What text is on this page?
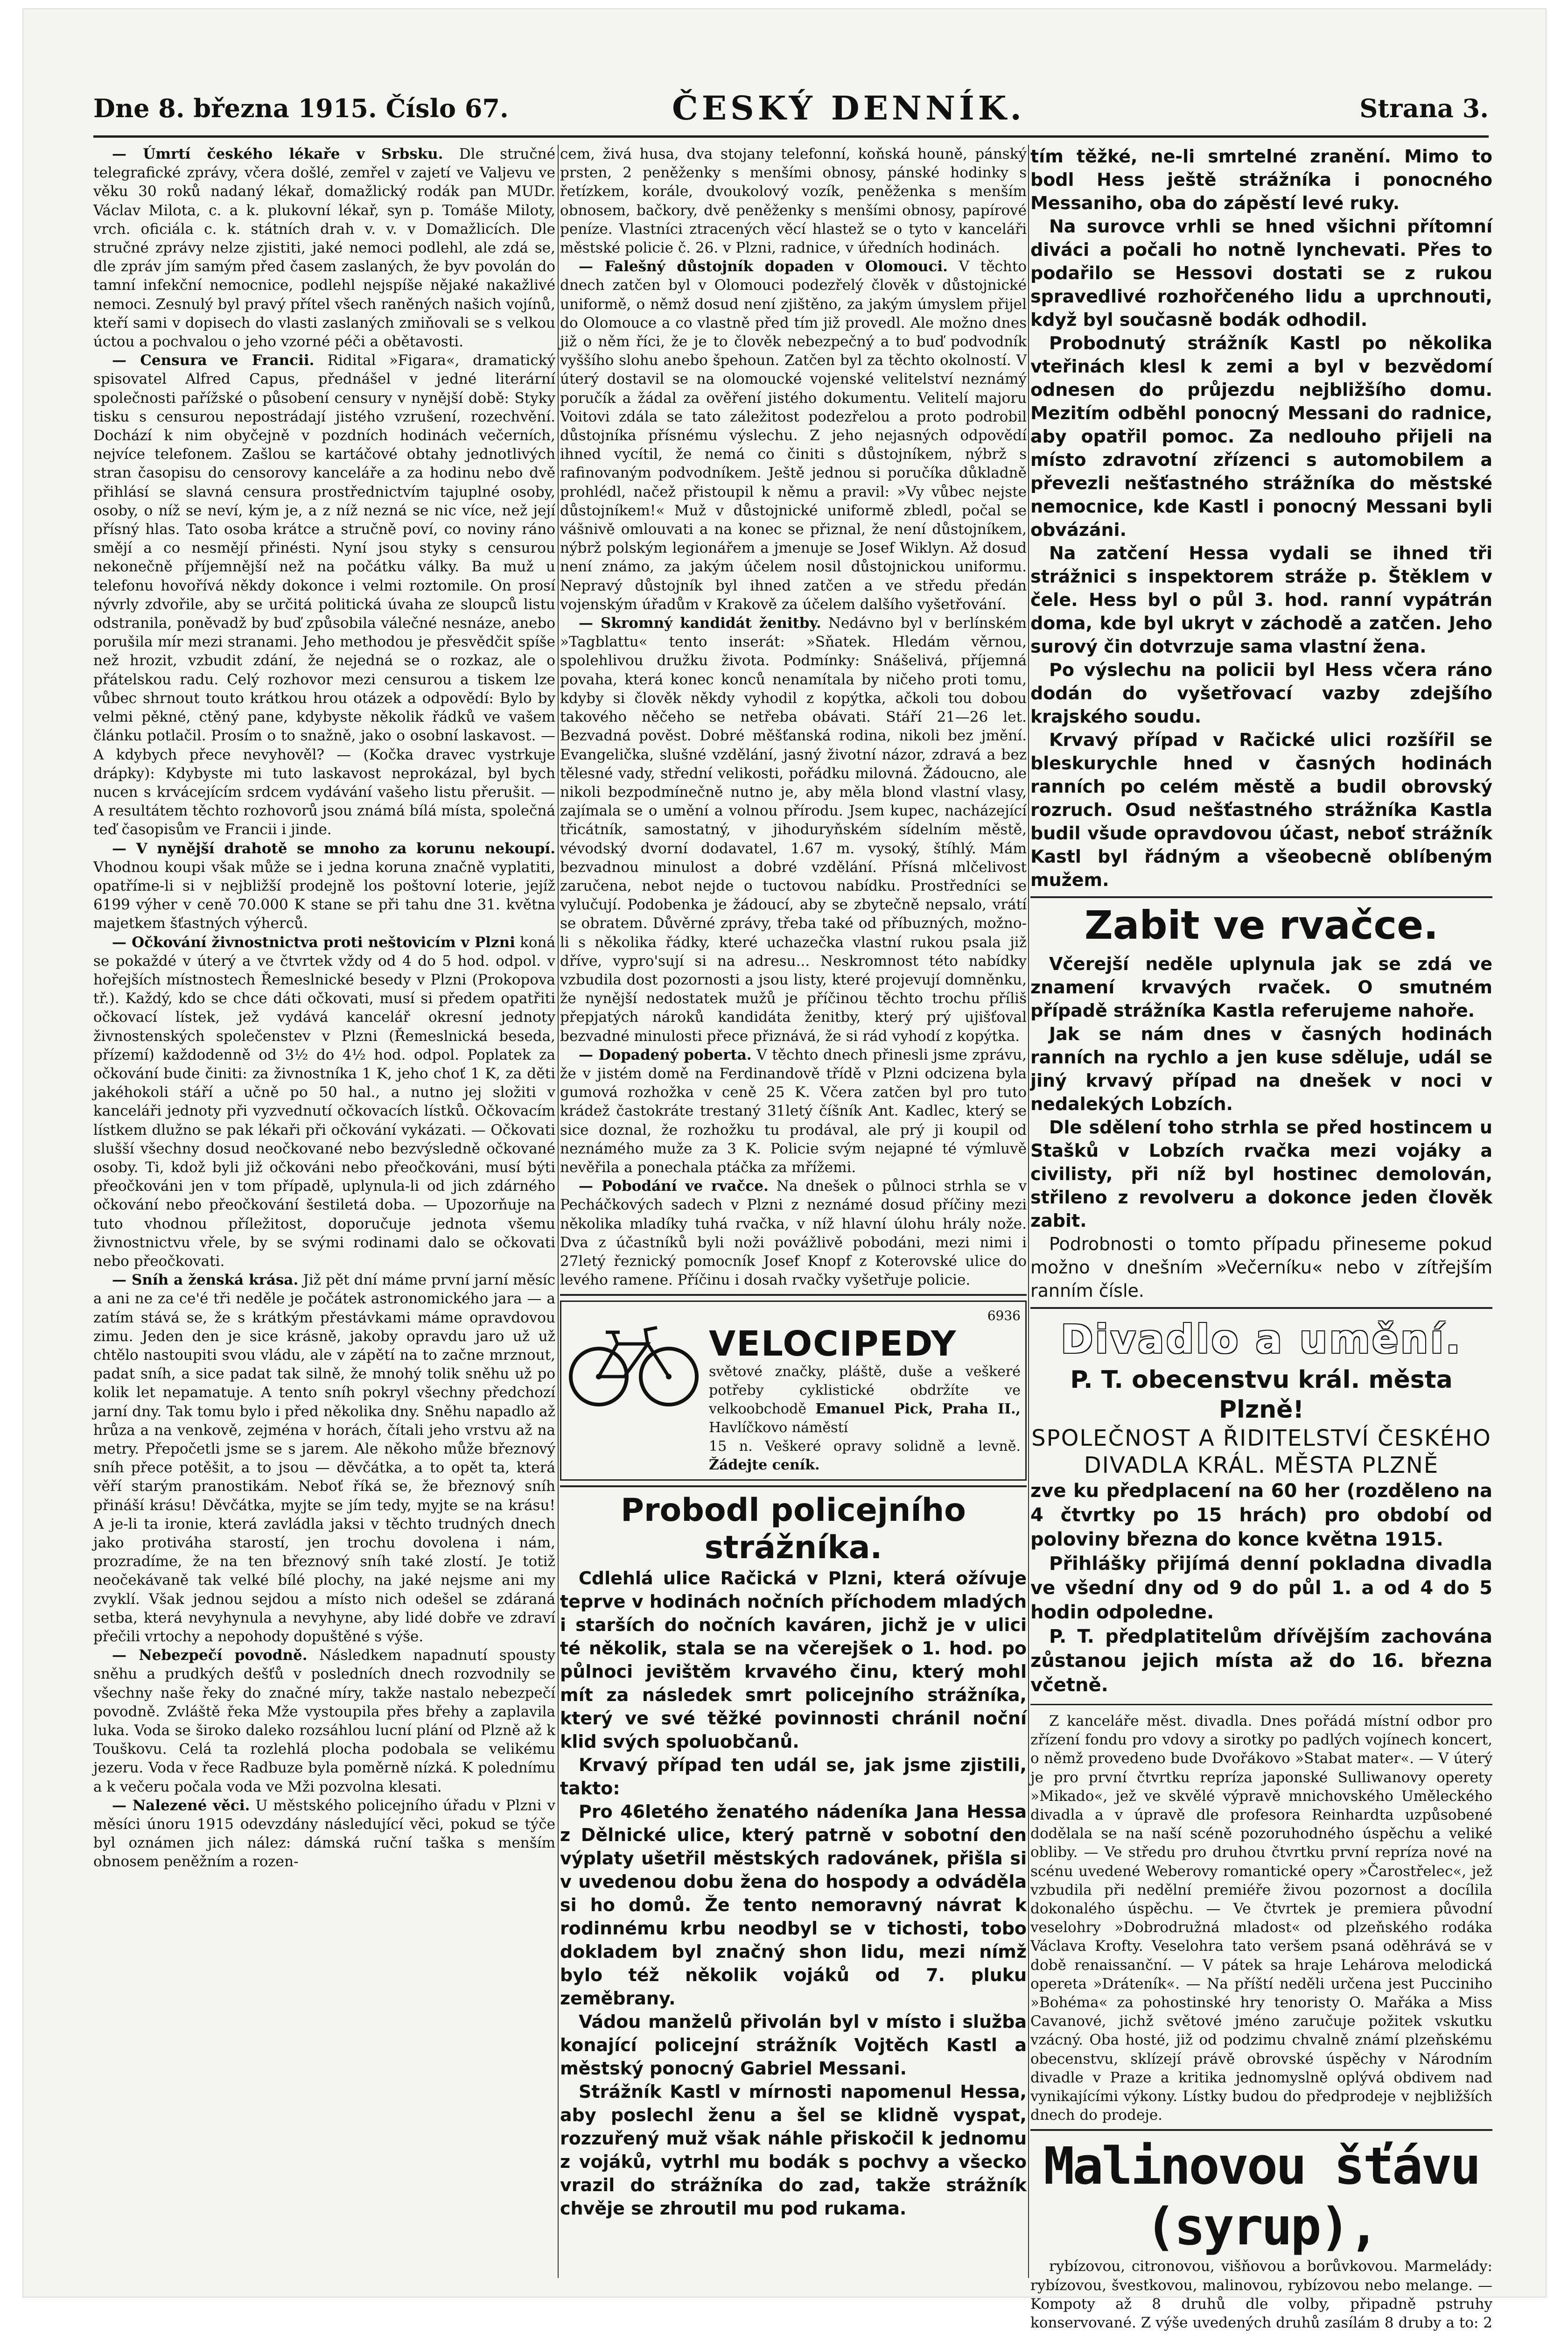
Dne 8. března 1915. Číslo 67.	ČESKÝ DENNÍK.	Strana 3.

— Úmrtí českého lékaře v Srbsku. Dle stručné telegrafické zprávy, včera došlé, zemřel v zajetí ve Valjevu ve věku 30 roků nadaný lékař, domažlický rodák pan MUDr. Václav Milota, c. a k. plukovní lékař, syn p. Tomáše Miloty, vrch. oficiála c. k. státních drah v. v. v Domažlicích. Dle stručné zprávy nelze zjistiti, jaké nemoci podlehl, ale zdá se, dle zpráv jím samým před časem zaslaných, že byv povolán do tamní infekční nemocnice, podlehl nejspíše nějaké nakažlivé nemoci. Zesnulý byl pravý přítel všech raněných našich vojínů, kteří sami v dopisech do vlasti zaslaných zmiňovali se s velkou úctou a pochvalou o jeho vzorné péči a obětavosti.

— Censura ve Francii. Ridital »Figara«, dramatický spisovatel Alfred Capus, přednášel v jedné literární společnosti pařížské o působení censury v nynější době: Styky tisku s censurou nepostrádají jistého vzrušení, rozechvění. Dochází k nim obyčejně v pozdních hodinách večerních, nejvíce telefonem. Zašlou se kartáčové obtahy jednotlivých stran časopisu do censorovy kanceláře a za hodinu nebo dvě přihlásí se slavná censura prostřednictvím tajuplné osoby, osoby, o níž se neví, kým je, a z níž nezná se nic více, než její přísný hlas. Tato osoba krátce a stručně poví, co noviny ráno smějí a co nesmějí přinésti. Nyní jsou styky s censurou nekonečně příjemnější než na počátku války. Ba muž u telefonu hovořívá někdy dokonce i velmi roztomile. On prosí nývrly zdvořile, aby se určitá politická úvaha ze sloupců listu odstranila, poněvadž by buď způsobila válečné nesnáze, anebo porušila mír mezi stranami. Jeho methodou je přesvědčit spíše než hrozit, vzbudit zdání, že nejedná se o rozkaz, ale o přátelskou radu. Celý rozhovor mezi censurou a tiskem lze vůbec shrnout touto krátkou hrou otázek a odpovědí: Bylo by velmi pěkné, ctěný pane, kdybyste několik řádků ve vašem článku potlačil. Prosím o to snažně, jako o osobní laskavost. — A kdybych přece nevyhověl? — (Kočka dravec vystrkuje drápky): Kdybyste mi tuto laskavost neprokázal, byl bych nucen s krvácejícím srdcem vydávání vašeho listu přerušit. — A resultátem těchto rozhovorů jsou známá bílá místa, společná teď časopisům ve Francii i jinde.

— V nynější drahotě se mnoho za korunu nekoupí. Vhodnou koupi však může se i jedna koruna značně vyplatiti, opatříme-li si v nejbližší prodejně los poštovní loterie, jejíž 6199 výher v ceně 70.000 K stane se při tahu dne 31. května majetkem šťastných výherců.

— Očkování živnostnictva proti neštovicím v Plzni koná se pokaždé v úterý a ve čtvrtek vždy od 4 do 5 hod. odpol. v hořejších místnostech Řemeslnické besedy v Plzni (Prokopova tř.). Každý, kdo se chce dáti očkovati, musí si předem opatřiti očkovací lístek, jež vydává kancelář okresní jednoty živnostenských společenstev v Plzni (Řemeslnická beseda, přízemí) každodenně od 3½ do 4½ hod. odpol. Poplatek za očkování bude činiti: za živnostníka 1 K, jeho choť 1 K, za děti jakéhokoli stáří a učně po 50 hal., a nutno jej složiti v kanceláři jednoty při vyzvednutí očkovacích lístků. Očkovacím lístkem dlužno se pak lékaři při očkování vykázati. — Očkovati slušší všechny dosud neočkované nebo bezvýsledně očkované osoby. Ti, kdož byli již očkováni nebo přeočkováni, musí býti přeočkováni jen v tom případě, uplynula-li od jich zdárného očkování nebo přeočkování šestiletá doba. — Upozorňuje na tuto vhodnou příležitost, doporučuje jednota všemu živnostnictvu vřele, by se svými rodinami dalo se očkovati nebo přeočkovati.

— Sníh a ženská krása. Již pět dní máme první jarní měsíc a ani ne za ce'é tři neděle je počátek astronomického jara — a zatím stává se, že s krátkým přestávkami máme opravdovou zimu. Jeden den je sice krásně, jakoby opravdu jaro už už chtělo nastoupiti svou vládu, ale v zápětí na to začne mrznout, padat sníh, a sice padat tak silně, že mnohý tolik sněhu už po kolik let nepamatuje. A tento sníh pokryl všechny předchozí jarní dny. Tak tomu bylo i před několika dny. Sněhu napadlo až hrůza a na venkově, zejména v horách, čítali jeho vrstvu až na metry. Přepočetli jsme se s jarem. Ale někoho může březnový sníh přece potěšit, a to jsou — děvčátka, a to opět ta, která věří starým pranostikám. Neboť říká se, že březnový sníh přináší krásu! Děvčátka, myjte se jím tedy, myjte se na krásu! A je-li ta ironie, která zavládla jaksi v těchto trudných dnech jako protiváha starostí, jen trochu dovolena i nám, prozradíme, že na ten březnový sníh také zlostí. Je totiž neočekávaně tak velké bílé plochy, na jaké nejsme ani my zvyklí. Však jednou sejdou a místo nich odešel se zdáraná setba, která nevyhynula a nevyhyne, aby lidé dobře ve zdraví přečili vrtochy a nepohody dopuštěné s výše.

— Nebezpečí povodně. Následkem napadnutí spousty sněhu a prudkých dešťů v posledních dnech rozvodnily se všechny naše řeky do značné míry, takže nastalo nebezpečí povodně. Zvláště řeka Mže vystoupila přes břehy a zaplavila luka. Voda se široko daleko rozsáhlou lucní plání od Plzně až k Touškovu. Celá ta rozlehlá plocha podobala se velikému jezeru. Voda v řece Radbuze byla poměrně nízká. K polednímu a k večeru počala voda ve Mži pozvolna klesati.

— Nalezené věci. U městského policejního úřadu v Plzni v měsíci únoru 1915 odevzdány následující věci, pokud se týče byl oznámen jich nález: dámská ruční taška s menším obnosem peněžním a rozen-

cem, živá husa, dva stojany telefonní, koňská houně, pánský prsten, 2 peněženky s menšími obnosy, pánské hodinky s řetízkem, korále, dvoukolový vozík, peněženka s menším obnosem, bačkory, dvě peněženky s menšími obnosy, papírové peníze. Vlastníci ztracených věcí hlastež se o tyto v kanceláři městské policie č. 26. v Plzni, radnice, v úředních hodinách.

— Falešný důstojník dopaden v Olomouci. V těchto dnech zatčen byl v Olomouci podezřelý člověk v důstojnické uniformě, o němž dosud není zjištěno, za jakým úmyslem přijel do Olomouce a co vlastně před tím již provedl. Ale možno dnes již o něm říci, že je to člověk nebezpečný a to buď podvodník vyššího slohu anebo špehoun. Zatčen byl za těchto okolností. V úterý dostavil se na olomoucké vojenské velitelství neznámý poručík a žádal za ověření jistého dokumentu. Velitelí majoru Voitovi zdála se tato záležitost podezřelou a proto podrobil důstojníka přísnému výslechu. Z jeho nejasných odpovědí ihned vycítil, že nemá co činiti s důstojníkem, nýbrž s rafinovaným podvodníkem. Ještě jednou si poručíka důkladně prohlédl, načež přistoupil k němu a pravil: »Vy vůbec nejste důstojníkem!« Muž v důstojnické uniformě zbledl, počal se vášnivě omlouvati a na konec se přiznal, že není důstojníkem, nýbrž polským legionářem a jmenuje se Josef Wiklyn. Až dosud není známo, za jakým účelem nosil důstojnickou uniformu. Nepravý důstojník byl ihned zatčen a ve středu předán vojenským úřadům v Krakově za účelem dalšího vyšetřování.

— Skromný kandidát ženitby. Nedávno byl v berlínském »Tagblattu« tento inserát: »Sňatek. Hledám věrnou, spolehlivou družku života. Podmínky: Snášelivá, příjemná povaha, která konec konců nenamítala by ničeho proti tomu, kdyby si člověk někdy vyhodil z kopýtka, ačkoli tou dobou takového něčeho se netřeba obávati. Stáří 21—26 let. Bezvadná pověst. Dobré měšťanská rodina, nikoli bez jmění. Evangelička, slušné vzdělání, jasný životní názor, zdravá a bez tělesné vady, střední velikosti, pořádku milovná. Žádoucno, ale nikoli bezpodmínečně nutno je, aby měla blond vlastní vlasy, zajímala se o umění a volnou přírodu. Jsem kupec, nacházející třicátník, samostatný, v jihoduryňském sídelním městě, vévodský dvorní dodavatel, 1.67 m. vysoký, štíhlý. Mám bezvadnou minulost a dobré vzdělání. Přísná mlčelivost zaručena, nebot nejde o tuctovou nabídku. Prostředníci se vylučují. Podobenka je žádoucí, aby se zbytečně nepsalo, vrátí se obratem. Důvěrné zprávy, třeba také od příbuzných, možno-li s několika řádky, které uchazečka vlastní rukou psala již dříve, vypro'sují si na adresu... Neskromnost této nabídky vzbudila dost pozornosti a jsou listy, které projevují domněnku, že nynější nedostatek mužů je příčinou těchto trochu příliš přepjatých nároků kandidáta ženitby, který prý ujišťoval bezvadné minulosti přece přiznává, že si rád vyhodí z kopýtka.

— Dopadený poberta. V těchto dnech přinesli jsme zprávu, že v jistém domě na Ferdinandově třídě v Plzni odcizena byla gumová rozhožka v ceně 25 K. Včera zatčen byl pro tuto krádež častokráte trestaný 31letý číšník Ant. Kadlec, který se sice doznal, že rozhožku tu prodával, ale prý ji koupil od neznámého muže za 3 K. Policie svým nejapné té výmluvě nevěřila a ponechala ptáčka za mřížemi.

— Pobodání ve rvačce. Na dnešek o půlnoci strhla se v Pecháčkových sadech v Plzni z neznámé dosud příčiny mezi několika mladíky tuhá rvačka, v níž hlavní úlohu hrály nože. Dva z účastníků byli noži povážlivě pobodáni, mezi nimi i 27letý řeznický pomocník Josef Knopf z Koterovské ulice do levého ramene. Příčinu i dosah rvačky vyšetřuje policie.

6936
VELOCIPEDY
světové značky, pláště, duše a veškeré potřeby cyklistické obdržíte ve velkoobchodě Emanuel Pick, Praha II., Havlíčkovo náměstí
15 n. Veškeré opravy solidně a levně. Žádejte ceník.
Probodl policejního strážníka.

Cdlehlá ulice Račická v Plzni, která ožívuje teprve v hodinách nočních příchodem mladých i starších do nočních kaváren, jichž je v ulici té několik, stala se na včerejšek o 1. hod. po půlnoci jevištěm krvavého činu, který mohl mít za následek smrt policejního strážníka, který ve své těžké povinnosti chránil noční klid svých spoluobčanů.

Krvavý případ ten udál se, jak jsme zjistili, takto:

Pro 46letého ženatého nádeníka Jana Hessa z Dělnické ulice, který patrně v sobotní den výplaty ušetřil městských radovánek, přišla si v uvedenou dobu žena do hospody a odváděla si ho domů. Že tento nemoravný návrat k rodinnému krbu neodbyl se v tichosti, tobo dokladem byl značný shon lidu, mezi nímž bylo též několik vojáků od 7. pluku zeměbrany.

Vádou manželů přivolán byl v místo i služba konající policejní strážník Vojtěch Kastl a městský ponocný Gabriel Messani.

Strážník Kastl v mírnosti napomenul Hessa, aby poslechl ženu a šel se klidně vyspat, rozzuřený muž však náhle přiskočil k jednomu z vojáků, vytrhl mu bodák s pochvy a všecko vrazil do strážníka do zad, takže strážník chvěje se zhroutil mu pod rukama.

tím těžké, ne-li smrtelné zranění. Mimo to bodl Hess ještě strážníka i ponocného Messaniho, oba do zápěstí levé ruky.

Na surovce vrhli se hned všichni přítomní diváci a počali ho notně lynchevati. Přes to podařilo se Hessovi dostati se z rukou spravedlivé rozhořčeného lidu a uprchnouti, když byl současně bodák odhodil.

Probodnutý strážník Kastl po několika vteřinách klesl k zemi a byl v bezvědomí odnesen do průjezdu nejbližšího domu. Mezitím odběhl ponocný Messani do radnice, aby opatřil pomoc. Za nedlouho přijeli na místo zdravotní zřízenci s automobilem a převezli nešťastného strážníka do městské nemocnice, kde Kastl i ponocný Messani byli obvázáni.

Na zatčení Hessa vydali se ihned tři strážnici s inspektorem stráže p. Štěklem v čele. Hess byl o půl 3. hod. ranní vypátrán doma, kde byl ukryt v záchodě a zatčen. Jeho surový čin dotvrzuje sama vlastní žena.

Po výslechu na policii byl Hess včera ráno dodán do vyšetřovací vazby zdejšího krajského soudu.

Krvavý případ v Račické ulici rozšířil se bleskurychle hned v časných hodinách ranních po celém městě a budil obrovský rozruch. Osud nešťastného strážníka Kastla budil všude opravdovou účast, neboť strážník Kastl byl řádným a všeobecně oblíbeným mužem.

Zabit ve rvačce.

Včerejší neděle uplynula jak se zdá ve znamení krvavých rvaček. O smutném případě strážníka Kastla referujeme nahoře.

Jak se nám dnes v časných hodinách ranních na rychlo a jen kuse sděluje, udál se jiný krvavý případ na dnešek v noci v nedalekých Lobzích.

Dle sdělení toho strhla se před hostincem u Stašků v Lobzích rvačka mezi vojáky a civilisty, při níž byl hostinec demolován, střileno z revolveru a dokonce jeden člověk zabit.

Podrobnosti o tomto případu přineseme pokud možno v dnešním »Večerníku« nebo v zítřejším ranním čísle.

Divadlo a umění.
P. T. obecenstvu král. města Plzně!
SPOLEČNOST A ŘIDITELSTVÍ ČESKÉHO DIVADLA KRÁL. MĚSTA PLZNĚ

zve ku předplacení na 60 her (rozděleno na 4 čtvrtky po 15 hrách) pro období od poloviny března do konce května 1915.

Přihlášky přijímá denní pokladna divadla ve všední dny od 9 do půl 1. a od 4 do 5 hodin odpoledne.

P. T. předplatitelům dřívějším zachována zůstanou jejich místa až do 16. března včetně.

Z kanceláře měst. divadla. Dnes pořádá místní odbor pro zřízení fondu pro vdovy a sirotky po padlých vojínech koncert, o němž provedeno bude Dvořákovo »Stabat mater«. — V úterý je pro první čtvrtku repríza japonské Sulliwanovy operety »Mikado«, jež ve skvělé výpravě mnichovského Uměleckého divadla a v úpravě dle profesora Reinhardta uzpůsobené dodělala se na naší scéně pozoruhodného úspěchu a veliké obliby. — Ve středu pro druhou čtvrtku první repríza nové na scénu uvedené Weberovy romantické opery »Čarostřelec«, jež vzbudila při nedělní premiéře živou pozornost a docílila dokonalého úspěchu. — Ve čtvrtek je premiera původní veselohry »Dobrodružná mladost« od plzeňského rodáka Václava Krofty. Veselohra tato veršem psaná oděhrává se v době renaissanční. — V pátek sa hraje Lehárova melodická opereta »Dráteník«. — Na příští neděli určena jest Pucciniho »Bohéma« za pohostinské hry tenoristy O. Mařáka a Miss Cavanové, jichž světové jméno zaručuje požitek vskutku vzácný. Oba hosté, již od podzimu chvalně známí plzeňskému obecenstvu, sklízejí právě obrovské úspěchy v Národním divadle v Praze a kritika jednomyslně oplývá obdivem nad vynikajícími výkony. Lístky budou do předprodeje v nejbližších dnech do prodeje.

Malinovou šťávu (syrup),

rybízovou, citronovou, višňovou a borůvkovou. Marmelády: rybízovou, švestkovou, malinovou, rybízovou nebo melange. — Kompoty až 8 druhů dle volby, připadně pstruhy konservované. Z výše uvedených druhů zasílám 8 druby a to: 2
